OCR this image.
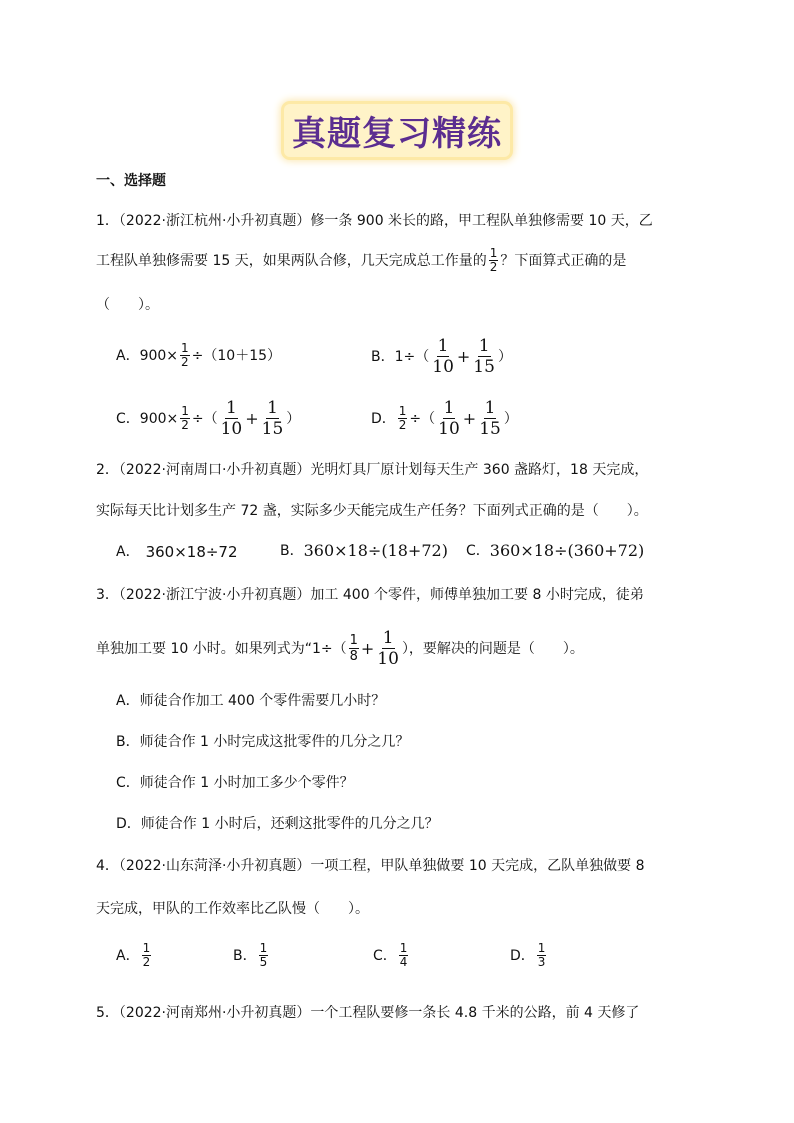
真题复习精练
一、选择题
1．（2022·浙江杭州·小升初真题）修一条 900 米长的路，甲工程队单独修需要 10 天，乙
工程队单独修需要 15 天，如果两队合修，几天完成总工作量的 $\frac{1}{2}$ ？下面算式正确的是
（　　）。
A． $900\times \frac{1}{2} \div(10+15)$	B． $1\div( \frac{1}{10} + \frac{1}{15}$ ）
C． $900\times \frac{1}{2}$ ÷（ $\frac{1}{10} + \frac{1}{15}$ ）	D． $\frac{1}{2}$ ÷（ $\frac{1}{10} + \frac{1}{15}$ ）
2．（2022·河南周口·小升初真题）光明灯具厂原计划每天生产 360 盏路灯，18 天完成，
实际每天比计划多生产 72 盏，实际多少天能完成生产任务？下面列式正确的是（　　）。
A． 360×18÷72	B． 360×18÷(18+72) C． 360×18÷(360+72)
3．（2022·浙江宁波·小升初真题）加工 400 个零件，师傅单独加工要 8 小时完成，徒弟
单独加工要 10 小时。如果列式为“$1\div( \frac{1}{8} + \frac{1}{10}$ ），要解决的问题是（　　）。
A．师徒合作加工 400 个零件需要几小时？
B．师徒合作 1 小时完成这批零件的几分之几？
C．师徒合作 1 小时加工多少个零件？
D．师徒合作 1 小时后，还剩这批零件的几分之几？
4．（2022·山东菏泽·小升初真题）一项工程，甲队单独做要 10 天完成，乙队单独做要 8
天完成，甲队的工作效率比乙队慢（　　）。
A． $\frac{1}{2}$	B． $\frac{1}{5}$	C． $\frac{1}{4}$	D． $\frac{1}{3}$
5．（2022·河南郑州·小升初真题）一个工程队要修一条长 4.8 千米的公路，前 4 天修了
